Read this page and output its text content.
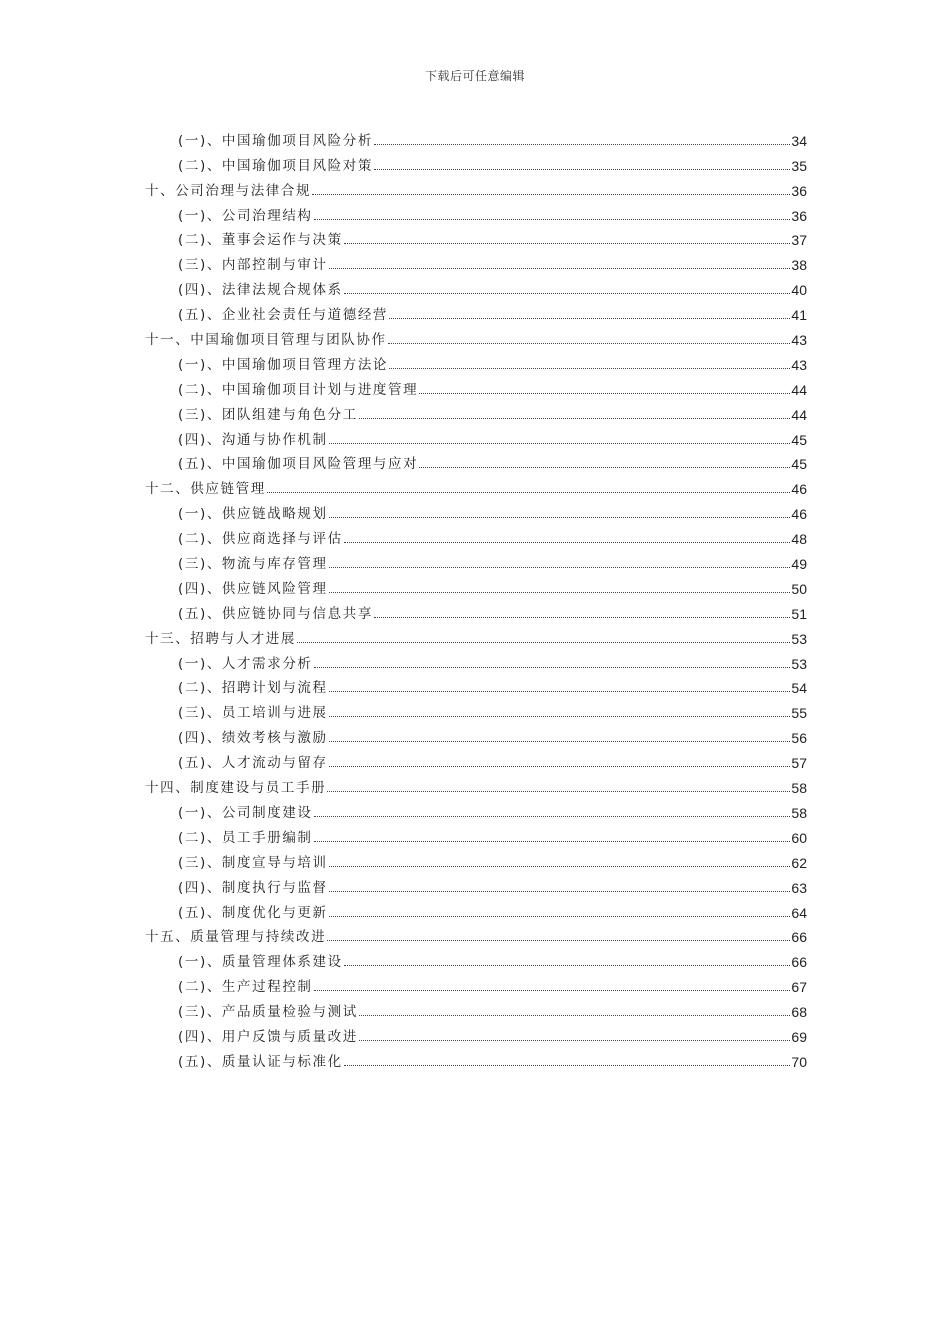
下载后可任意编辑
(一)、中国瑜伽项目风险分析	34
(二)、中国瑜伽项目风险对策	35
十、公司治理与法律合规	36
(一)、公司治理结构	36
(二)、董事会运作与决策	37
(三)、内部控制与审计	38
(四)、法律法规合规体系	40
(五)、企业社会责任与道德经营	41
十一、中国瑜伽项目管理与团队协作	43
(一)、中国瑜伽项目管理方法论	43
(二)、中国瑜伽项目计划与进度管理	44
(三)、团队组建与角色分工	44
(四)、沟通与协作机制	45
(五)、中国瑜伽项目风险管理与应对	45
十二、供应链管理	46
(一)、供应链战略规划	46
(二)、供应商选择与评估	48
(三)、物流与库存管理	49
(四)、供应链风险管理	50
(五)、供应链协同与信息共享	51
十三、招聘与人才进展	53
(一)、人才需求分析	53
(二)、招聘计划与流程	54
(三)、员工培训与进展	55
(四)、绩效考核与激励	56
(五)、人才流动与留存	57
十四、制度建设与员工手册	58
(一)、公司制度建设	58
(二)、员工手册编制	60
(三)、制度宣导与培训	62
(四)、制度执行与监督	63
(五)、制度优化与更新	64
十五、质量管理与持续改进	66
(一)、质量管理体系建设	66
(二)、生产过程控制	67
(三)、产品质量检验与测试	68
(四)、用户反馈与质量改进	69
(五)、质量认证与标准化	70
